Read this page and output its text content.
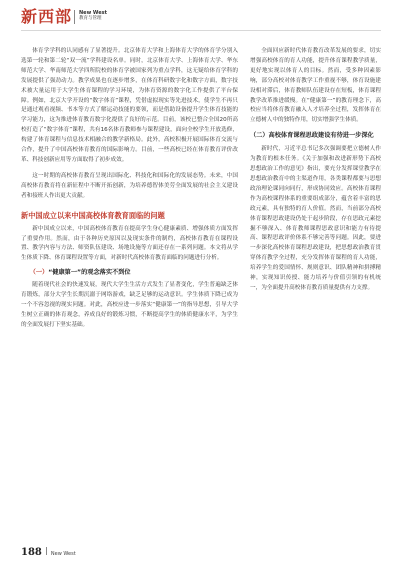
新西部 New West
教育与管理

体育学学科的认同感有了显著提升。北京体育大学和上海体育大学的体育学分别入选第一轮和第二轮“双一流”学科建设名单。同时，北京体育大学、上海体育大学、华东师范大学、华南师范大学四所院校的体育学被国家列为重点学科，这无疑给体育学科的发展提供了强劲动力。教学成果也在逐步增多，在体育科研数字化和数字方面，数字技术被大量运用于大学生体育课程的学习环境，为体育资源的数字化工作提供了平台保障。例如，北京大学开设的“数字体育”课程，凭借虚拟现实等先进技术，使学生不再只是通过观看视频、书本等方式了解运动技能的要领，而是借助设备提升学生体育技能的学习能力，这为推进体育教育数字化提供了良好的示范。目前，该校已整合全国20所高校打造了“数字体育”课程，共有16名体育教师参与课程建设，面向全校学生开放选修，构建了体育课程与信息技术相融合的教学新格局。此外，高校积极开展国际体育交流与合作，提升了中国高校体育教育的国际影响力。目前，一些高校已经在体育教育评价改革、科技创新应用等方面取得了初步成效。

这一时期的高校体育教育呈现出国际化、科技化和国际化的发展态势。未来，中国高校体育教育将在新征程中不断开拓创新，为培养德智体美劳全面发展的社会主义建设者和接班人作出更大贡献。

新中国成立以来中国高校体育教育面临的问题

新中国成立以来，中国高校体育教育在提高学生身心健康素质、增强体质方面发挥了重要作用。然而，由于各种历史原因以及现实条件的制约，高校体育教育在课程设置、教学内容与方法、师资队伍建设、场地设施等方面还存在一系列问题。本文将从学生体质下降、体育课程设置等方面，对新时代高校体育教育面临的问题进行分析。

（一）“健康第一”的观念落实不到位

随着现代社会的快速发展，现代大学生生活方式发生了显著变化，学生普遍缺乏体育锻炼，部分大学生长期沉溺于网络游戏，缺乏足够的运动意识。学生体质下降已成为一个不容忽视的现实问题。对此，高校应进一步落实“健康第一”的指导思想，引导大学生树立正确的体育观念，养成良好的锻炼习惯，不断提高学生的体质健康水平，为学生的全面发展打下坚实基础。

全面回应新时代体育教育改革发展的要求，切实增强高校体育的育人功能，提升体育课程教学质量，更好地实现以体育人的目标。然而，受多种因素影响，部分高校对体育教学工作重视不够，体育设施建设相对滞后，体育教师队伍建设存在短板，体育课程教学改革推进缓慢。在“健康第一”的教育理念下，高校应当将体育教育融入人才培养全过程，发挥体育在立德树人中的独特作用，切实增强学生体质。

（二）高校体育课程思政建设有待进一步深化

新时代，习近平总书记多次强调要把立德树人作为教育的根本任务。《关于加强和改进新形势下高校思想政治工作的意见》指出，要充分发挥课堂教学在思想政治教育中的主渠道作用，各类课程都要与思想政治理论课同向同行，形成协同效应。高校体育课程作为高校课程体系的重要组成部分，蕴含着丰富的思政元素，具有独特的育人价值。然而，当前部分高校体育课程思政建设仍处于起步阶段，存在思政元素挖掘不够深入、体育教师课程思政意识和能力有待提高、课程思政评价体系不够完善等问题。因此，要进一步深化高校体育课程思政建设，把思想政治教育贯穿体育教学全过程，充分发挥体育课程的育人功能，培养学生的爱国情怀、规则意识、团队精神和拼搏精神，实现知识传授、能力培养与价值引领的有机统一，为全面提升高校体育教育质量提供有力支撑。

188 New West
